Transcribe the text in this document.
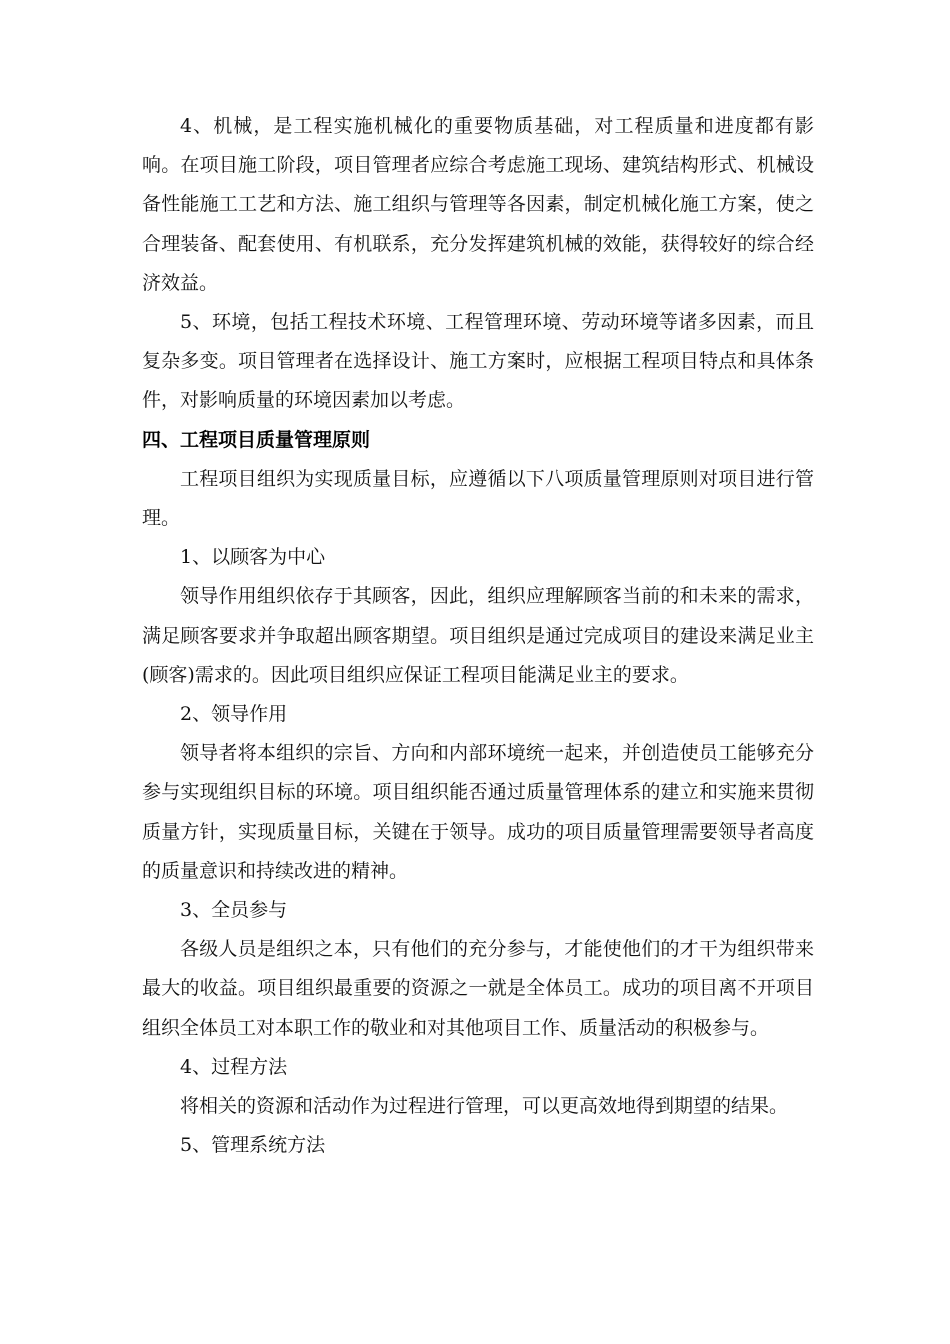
4、机械，是工程实施机械化的重要物质基础，对工程质量和进度都有影响。在项目施工阶段，项目管理者应综合考虑施工现场、建筑结构形式、机械设备性能施工工艺和方法、施工组织与管理等各因素，制定机械化施工方案，使之合理装备、配套使用、有机联系，充分发挥建筑机械的效能，获得较好的综合经济效益。

5、环境，包括工程技术环境、工程管理环境、劳动环境等诸多因素，而且复杂多变。项目管理者在选择设计、施工方案时，应根据工程项目特点和具体条件，对影响质量的环境因素加以考虑。

四、工程项目质量管理原则

工程项目组织为实现质量目标，应遵循以下八项质量管理原则对项目进行管理。

1、以顾客为中心

领导作用组织依存于其顾客，因此，组织应理解顾客当前的和未来的需求，满足顾客要求并争取超出顾客期望。项目组织是通过完成项目的建设来满足业主(顾客)需求的。因此项目组织应保证工程项目能满足业主的要求。

2、领导作用

领导者将本组织的宗旨、方向和内部环境统一起来，并创造使员工能够充分参与实现组织目标的环境。项目组织能否通过质量管理体系的建立和实施来贯彻质量方针，实现质量目标，关键在于领导。成功的项目质量管理需要领导者高度的质量意识和持续改进的精神。

3、全员参与

各级人员是组织之本，只有他们的充分参与，才能使他们的才干为组织带来最大的收益。项目组织最重要的资源之一就是全体员工。成功的项目离不开项目组织全体员工对本职工作的敬业和对其他项目工作、质量活动的积极参与。

4、过程方法

将相关的资源和活动作为过程进行管理，可以更高效地得到期望的结果。

5、管理系统方法
